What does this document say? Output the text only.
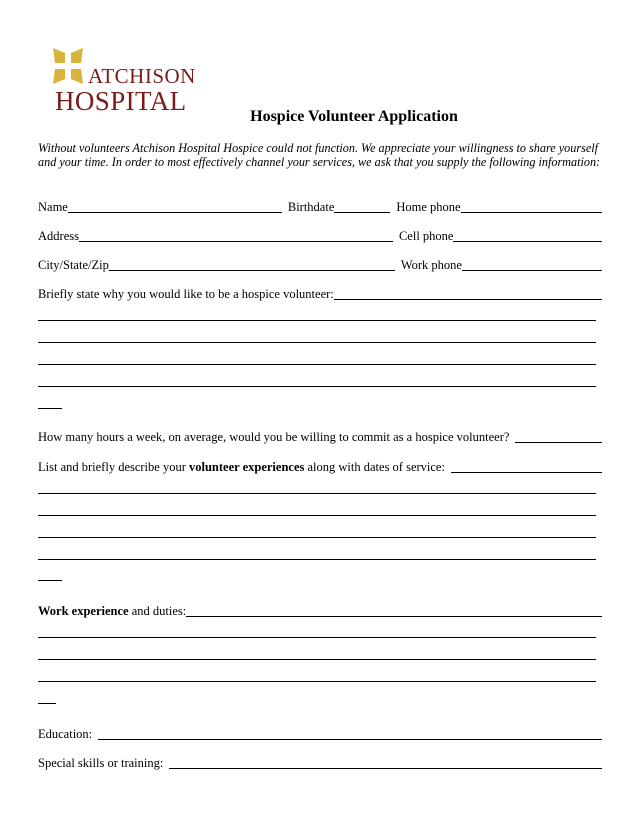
ATCHISON
HOSPITAL
Hospice Volunteer Application
Without volunteers Atchison Hospital Hospice could not function. We appreciate your willingness to share yourself and your time. In order to most effectively channel your services, we ask that you supply the following information:
Name	Birthdate	Home phone
Address	Cell phone
City/State/Zip	Work phone
Briefly state why you would like to be a hospice volunteer:
How many hours a week, on average, would you be willing to commit as a hospice volunteer?
List and briefly describe your volunteer experiences along with dates of service:
Work experience and duties:
Education:
Special skills or training:
